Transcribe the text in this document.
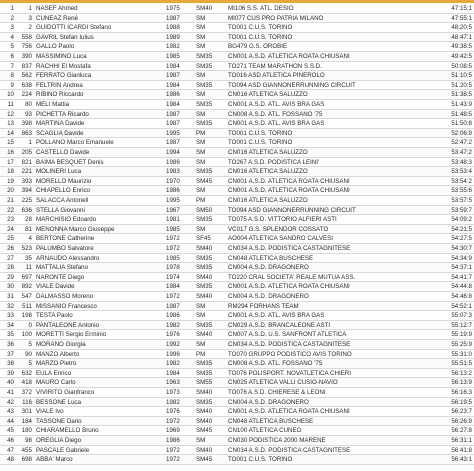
1	1 NASEF Ahmed	1975	SM40	MI106 S.S. ATL. DESIO	47:15:1
2	3 CUNEAZ René	1987	SM	MI077 CUS PRO PATRIA MILANO	47:55:1
3	2 GUIDOTTI ICARDI Stefano	1988	SM	TO001 C.U.S. TORINO	48:20:5
4	558 GAVRIL Stefan Iulius	1989	SM	TO001 C.U.S. TORINO	48:47:1
5	756 GALLO Paolo	1982	SM	BG479 G.S. OROBIE	49:38:5
6	390 MASSIMINO Luca	1985	SM35	CN001 A.S.D. ATLETICA ROATA CHIUSANI	49:42:5
7	837 RACHHI El Mostafa	1984	SM35	TO271 TEAM MARATHON S.S.D.	50:08:5
8	562 FERRATO Gianluca	1987	SM	TO016 ASD ATLETICA PINEROLO	51:10:5
9	638 FELTRIN Andrea	1984	SM35	TO094 ASD GIANNONERRUNNING CIRCUIT	51:20:5
10	224 RIBINO Riccardo	1986	SM	CN016 ATLETICA SALUZZO	51:38:5
11	80 MELI Mattia	1984	SM35	CN001 A.S.D. ATL. AVIS BRA GAS	51:43:9
12	93 PICHETTA Ricardo	1987	SM	CN008 A.S.D. ATL. FOSSANO '75	51:48:5
13	398 MARTINA Davide	1987	SM35	CN001 A.S.D. ATL. AVIS BRA GAS	51:50:8
14	863 SCAGLIA Davide	1995	PM	TO001 C.U.S. TORINO	52:06:9
15	1 POLLANO Marco Emanuele	1987	SM	TO001 C.U.S. TORINO	52:47:2
16	205 CASTELLO Davide	1994	SM	CN016 ATLETICA SALUZZO	53:47:2
17	821 BAIMA BESQUET Denis	1986	SM	TO267 A.S.D. PODISTICA LEINI'	53:48:3
18	221 MOLINERI Luca	1983	SM35	CN016 ATLETICA SALUZZO	53:53:4
19	393 MORELLO Maurizio	1970	SM45	CN001 A.S.D. ATLETICA ROATA CHIUSANI	53:54:2
20	394 CHIAPELLO Enrico	1986	SM	CN001 A.S.D. ATLETICA ROATA CHIUSANI	53:55:6
21	225 SALACCA Antonell	1995	PM	CN016 ATLETICA SALUZZO	53:57:5
22	636 STELLA Giovanni	1967	SM50	TO094 ASD GIANNONERRUNNING CIRCUIT	53:59:7
23	28 MARCHISIO Edoardo	1981	SM35	TO075 A.S.D. VITTORIO ALFIERI ASTI	54:09:2
24	81 MENONNA Marco Giuseppe	1985	SM	VC017 G.S. SPLENDOR COSSATO	54:21:5
25	4 BERTONE Catherine	1972	SF45	AO004 ATLETICA SANDRO CALVESI	54:27:5
26	523 PALUMBO Salvatore	1972	SM40	CN034 A.S.D. PODISTICA CASTAGNITESE	54:30:7
27	35 ARNAUDO Alessandro	1985	SM35	CN048 ATLETICA BUSCHESE	54:34:9
28	11 MATTALIA Stefano	1978	SM35	CN004 A.S.D. DRAGONERO	54:37:1
29	697 NARONTE Diego	1974	SM40	TO220 CRAL SOCIETA' REALE MUTUA ASS.	54:41:7
30	892 VIALE Davide	1984	SM35	CN001 A.S.D. ATLETICA ROATA CHIUSANI	54:44:8
31	547 DALMASSO Moreno	1972	SM40	CN004 A.S.D. DRAGONERO	54:46:8
32	511 MISSANIO Francesco	1987	SM	RM294 FORHANS TEAM	54:52:1
33	198 TESTA Paolo	1986	SM	CN001 A.S.D. ATL. AVIS BRA GAS	55:07:3
34	0 PANTALEONE Antonio	1982	SM35	CN029 A.S.D. BRANCALEONE ASTI	55:12:7
35	100 MORETTI Sergio Erminio	1976	SM40	CN007 A.S.D. U.S. SANFRONT ATLETICA	55:19:9
36	5 MORANO Giorgia	1992	SM	CN034 A.S.D. PODISTICA CASTAGNITESE	55:25:9
37	90 MANZO Alberto	1996	PM	TO070 GRUPPO PODISTICO AVIS TORINO	55:31:0
38	5 MARZO Pietro	1982	SM35	CN008 A.S.D. ATL. FOSSANO '75	55:51:5
39	632 EULA Enrico	1984	SM35	TO076 POLISPORT. NOVATLETICA CHIERI	56:13:2
40	418 MAURO Carlo	1963	SM55	CN025 ATLETICA VALLI CUSIO-NAVIO	56:13:9
41	372 VIVIRITO Gianfranco	1973	SM40	TO076 A.S.D. CHIERESE & LEONI	56:16:3
42	116 BESSONE Luca	1982	SM35	CN004 A.S.D. DRAGONERO	56:19:5
43	301 VIALE Ivo	1976	SM40	CN001 A.S.D. ATLETICA ROATA CHIUSANI	56:23:7
44	184 TASSONE Dario	1972	SM40	CN048 ATLETICA BUSCHESE	56:26:9
45	180 CHIARAMELLO Bruno	1969	SM45	CN100 ATLETICA CUNEO	56:27:8
46	98 OREGLIA Diego	1986	SM	CN030 PODISTICA 2000 MARENE	56:31:1
47	455 PASCALE Gabriele	1972	SM40	CN034 A.S.D. PODISTICA CASTAGNITESE	56:41:8
48	698 ABBA' Marco	1972	SM45	TO001 C.U.S. TORINO	56:43:1
